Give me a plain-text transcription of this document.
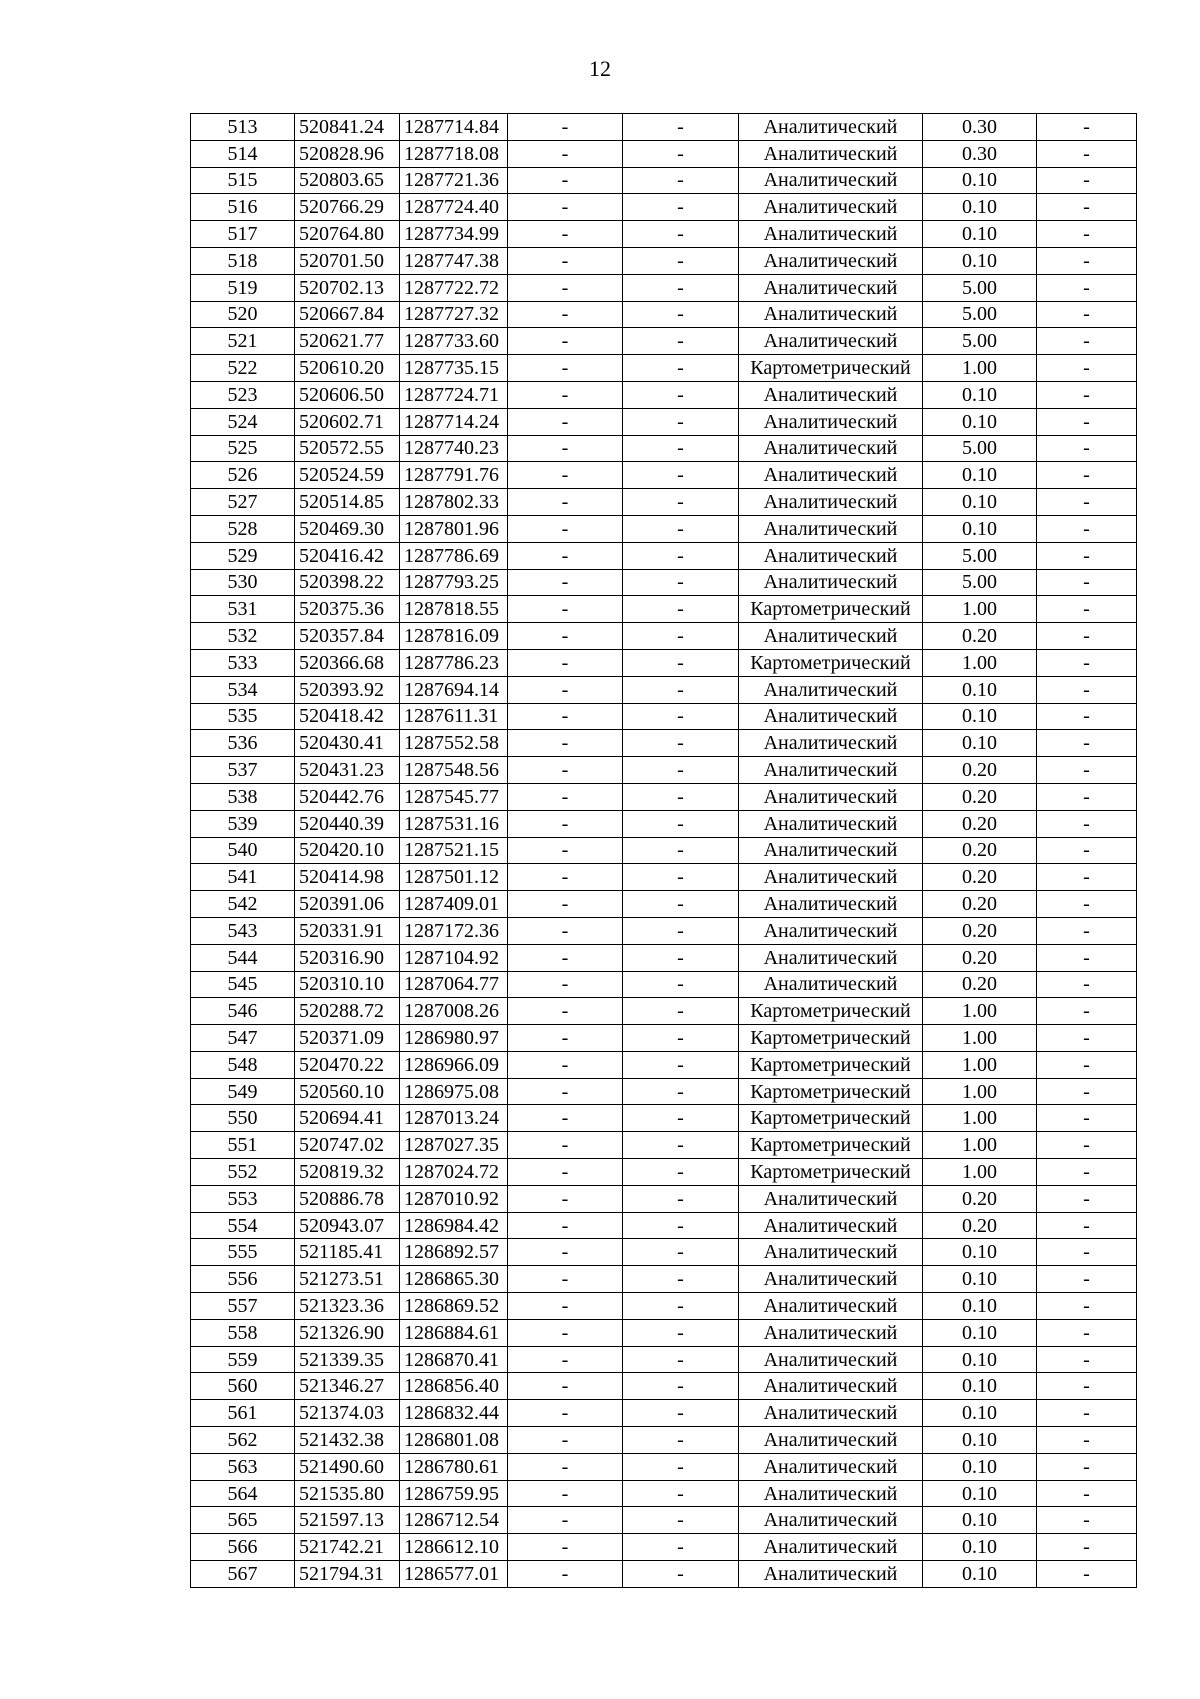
12
513	520841.24	1287714.84	-	-	Аналитический	0.30	-
514	520828.96	1287718.08	-	-	Аналитический	0.30	-
515	520803.65	1287721.36	-	-	Аналитический	0.10	-
516	520766.29	1287724.40	-	-	Аналитический	0.10	-
517	520764.80	1287734.99	-	-	Аналитический	0.10	-
518	520701.50	1287747.38	-	-	Аналитический	0.10	-
519	520702.13	1287722.72	-	-	Аналитический	5.00	-
520	520667.84	1287727.32	-	-	Аналитический	5.00	-
521	520621.77	1287733.60	-	-	Аналитический	5.00	-
522	520610.20	1287735.15	-	-	Картометрический	1.00	-
523	520606.50	1287724.71	-	-	Аналитический	0.10	-
524	520602.71	1287714.24	-	-	Аналитический	0.10	-
525	520572.55	1287740.23	-	-	Аналитический	5.00	-
526	520524.59	1287791.76	-	-	Аналитический	0.10	-
527	520514.85	1287802.33	-	-	Аналитический	0.10	-
528	520469.30	1287801.96	-	-	Аналитический	0.10	-
529	520416.42	1287786.69	-	-	Аналитический	5.00	-
530	520398.22	1287793.25	-	-	Аналитический	5.00	-
531	520375.36	1287818.55	-	-	Картометрический	1.00	-
532	520357.84	1287816.09	-	-	Аналитический	0.20	-
533	520366.68	1287786.23	-	-	Картометрический	1.00	-
534	520393.92	1287694.14	-	-	Аналитический	0.10	-
535	520418.42	1287611.31	-	-	Аналитический	0.10	-
536	520430.41	1287552.58	-	-	Аналитический	0.10	-
537	520431.23	1287548.56	-	-	Аналитический	0.20	-
538	520442.76	1287545.77	-	-	Аналитический	0.20	-
539	520440.39	1287531.16	-	-	Аналитический	0.20	-
540	520420.10	1287521.15	-	-	Аналитический	0.20	-
541	520414.98	1287501.12	-	-	Аналитический	0.20	-
542	520391.06	1287409.01	-	-	Аналитический	0.20	-
543	520331.91	1287172.36	-	-	Аналитический	0.20	-
544	520316.90	1287104.92	-	-	Аналитический	0.20	-
545	520310.10	1287064.77	-	-	Аналитический	0.20	-
546	520288.72	1287008.26	-	-	Картометрический	1.00	-
547	520371.09	1286980.97	-	-	Картометрический	1.00	-
548	520470.22	1286966.09	-	-	Картометрический	1.00	-
549	520560.10	1286975.08	-	-	Картометрический	1.00	-
550	520694.41	1287013.24	-	-	Картометрический	1.00	-
551	520747.02	1287027.35	-	-	Картометрический	1.00	-
552	520819.32	1287024.72	-	-	Картометрический	1.00	-
553	520886.78	1287010.92	-	-	Аналитический	0.20	-
554	520943.07	1286984.42	-	-	Аналитический	0.20	-
555	521185.41	1286892.57	-	-	Аналитический	0.10	-
556	521273.51	1286865.30	-	-	Аналитический	0.10	-
557	521323.36	1286869.52	-	-	Аналитический	0.10	-
558	521326.90	1286884.61	-	-	Аналитический	0.10	-
559	521339.35	1286870.41	-	-	Аналитический	0.10	-
560	521346.27	1286856.40	-	-	Аналитический	0.10	-
561	521374.03	1286832.44	-	-	Аналитический	0.10	-
562	521432.38	1286801.08	-	-	Аналитический	0.10	-
563	521490.60	1286780.61	-	-	Аналитический	0.10	-
564	521535.80	1286759.95	-	-	Аналитический	0.10	-
565	521597.13	1286712.54	-	-	Аналитический	0.10	-
566	521742.21	1286612.10	-	-	Аналитический	0.10	-
567	521794.31	1286577.01	-	-	Аналитический	0.10	-
